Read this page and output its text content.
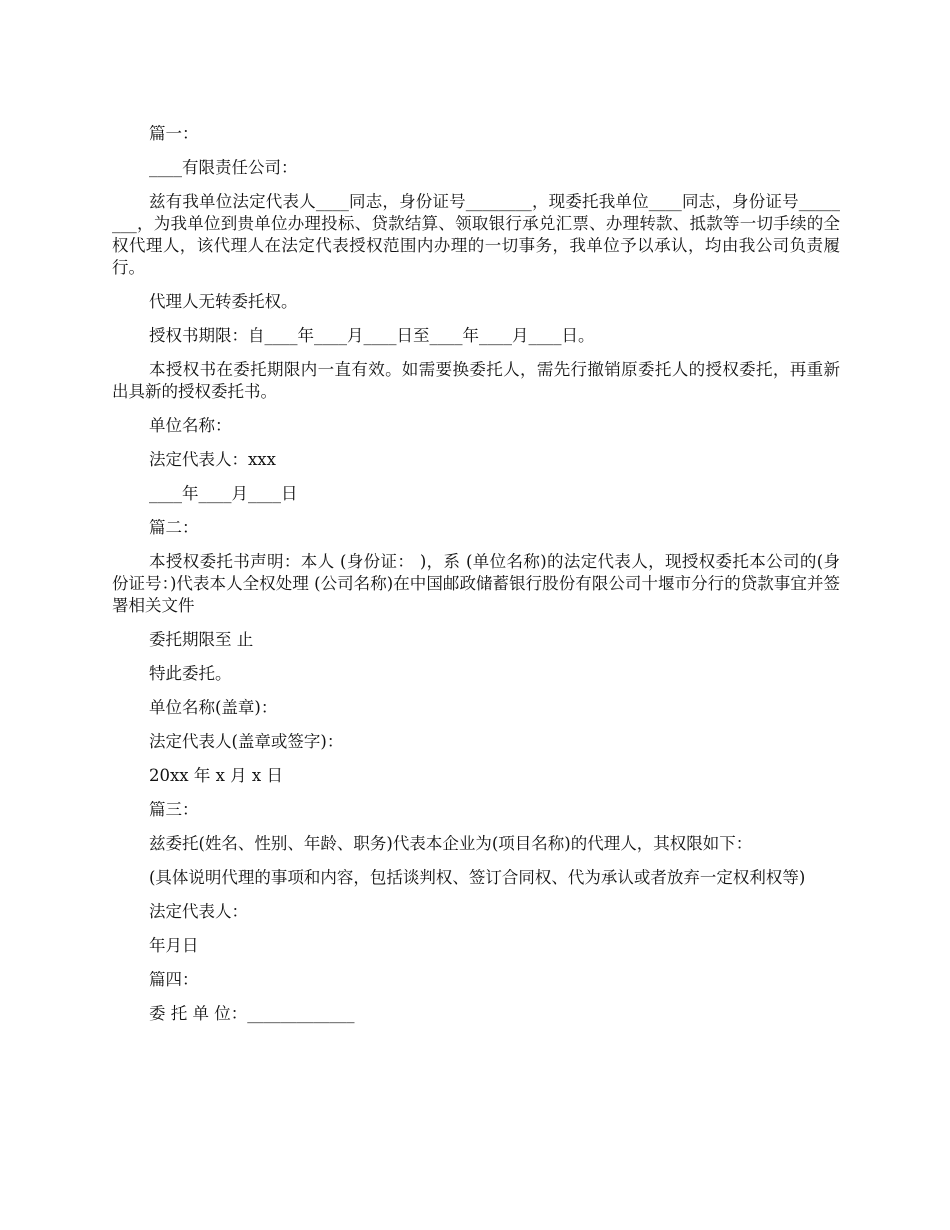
篇一：

____有限责任公司：

兹有我单位法定代表人____同志，身份证号________，现委托我单位____同志，身份证号________，为我单位到贵单位办理投标、贷款结算、领取银行承兑汇票、办理转款、抵款等一切手续的全权代理人，该代理人在法定代表授权范围内办理的一切事务，我单位予以承认，均由我公司负责履行。

代理人无转委托权。

授权书期限：自____年____月____日至____年____月____日。

本授权书在委托期限内一直有效。如需要换委托人，需先行撤销原委托人的授权委托，再重新出具新的授权委托书。

单位名称：

法定代表人：xxx

____年____月____日

篇二：

本授权委托书声明：本人 (身份证： )，系 (单位名称)的法定代表人，现授权委托本公司的(身份证号：)代表本人全权处理 (公司名称)在中国邮政储蓄银行股份有限公司十堰市分行的贷款事宜并签署相关文件

委托期限至 止

特此委托。

单位名称(盖章)：

法定代表人(盖章或签字)：

20xx 年 x 月 x 日

篇三：

兹委托(姓名、性别、年龄、职务)代表本企业为(项目名称)的代理人，其权限如下：

(具体说明代理的事项和内容，包括谈判权、签订合同权、代为承认或者放弃一定权利权等)

法定代表人：

年月日

篇四：

委 托 单 位：_____________
